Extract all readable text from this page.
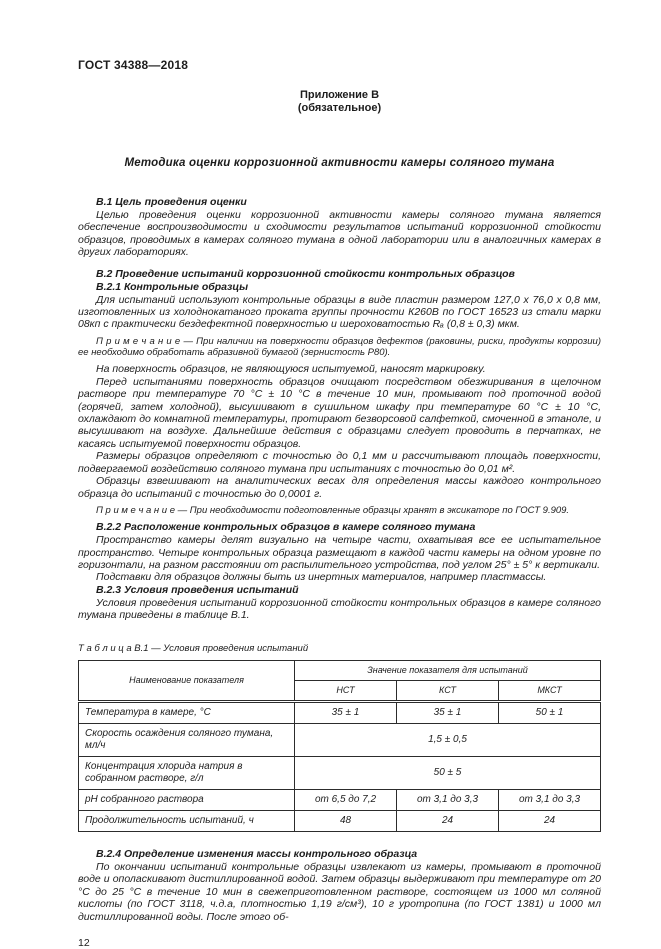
ГОСТ 34388—2018
Приложение В
(обязательное)
Методика оценки коррозионной активности камеры соляного тумана

В.1 Цель проведения оценки

Целью проведения оценки коррозионной активности камеры соляного тумана является обеспечение воспроизводимости и сходимости результатов испытаний коррозионной стойкости образцов, проводимых в камерах соляного тумана в одной лаборатории или в аналогичных камерах в других лабораториях.

В.2 Проведение испытаний коррозионной стойкости контрольных образцов

В.2.1 Контрольные образцы

Для испытаний используют контрольные образцы в виде пластин размером 127,0 х 76,0 х 0,8 мм, изготовленных из холоднокатаного проката группы прочности К260В по ГОСТ 16523 из стали марки 08кп с практически бездефектной поверхностью и шероховатостью Rₐ (0,8 ± 0,3) мкм.

П р и м е ч а н и е — При наличии на поверхности образцов дефектов (раковины, риски, продукты коррозии) ее необходимо обработать абразивной бумагой (зернистость Р80).

На поверхность образцов, не являющуюся испытуемой, наносят маркировку.

Перед испытаниями поверхность образцов очищают посредством обезжиривания в щелочном растворе при температуре 70 °С ± 10 °С в течение 10 мин, промывают под проточной водой (горячей, затем холодной), высушивают в сушильном шкафу при температуре 60 °С ± 10 °С, охлаждают до комнатной температуры, протирают безворсовой салфеткой, смоченной в этаноле, и высушивают на воздухе. Дальнейшие действия с образцами следует проводить в перчатках, не касаясь испытуемой поверхности образцов.

Размеры образцов определяют с точностью до 0,1 мм и рассчитывают площадь поверхности, подвергаемой воздействию соляного тумана при испытаниях с точностью до 0,01 м².

Образцы взвешивают на аналитических весах для определения массы каждого контрольного образца до испытаний с точностью до 0,0001 г.

П р и м е ч а н и е — При необходимости подготовленные образцы хранят в эксикаторе по ГОСТ 9.909.

В.2.2 Расположение контрольных образцов в камере соляного тумана

Пространство камеры делят визуально на четыре части, охватывая все ее испытательное пространство. Четыре контрольных образца размещают в каждой части камеры на одном уровне по горизонтали, на разном расстоянии от распылительного устройства, под углом 25° ± 5° к вертикали.

Подставки для образцов должны быть из инертных материалов, например пластмассы.

В.2.3 Условия проведения испытаний

Условия проведения испытаний коррозионной стойкости контрольных образцов в камере соляного тумана приведены в таблице В.1.

Т а б л и ц а В.1 — Условия проведения испытаний

Наименование показателя	Значение показателя для испытаний		
	НСТ	КСТ	МКСТ
Температура в камере, °С	35 ± 1	35 ± 1	50 ± 1
Скорость осаждения соляного тумана, мл/ч	1,5 ± 0,5		
Концентрация хлорида натрия в собранном растворе, г/л	50 ± 5		
рН собранного раствора	от 6,5 до 7,2	от 3,1 до 3,3	от 3,1 до 3,3
Продолжительность испытаний, ч	48	24	24

В.2.4 Определение изменения массы контрольного образца

По окончании испытаний контрольные образцы извлекают из камеры, промывают в проточной воде и ополаскивают дистиллированной водой. Затем образцы выдерживают при температуре от 20 °С до 25 °С в течение 10 мин в свежеприготовленном растворе, состоящем из 1000 мл соляной кислоты (по ГОСТ 3118, ч.д.а, плотностью 1,19 г/см³), 10 г уротропина (по ГОСТ 1381) и 1000 мл дистиллированной воды. После этого об-

12
